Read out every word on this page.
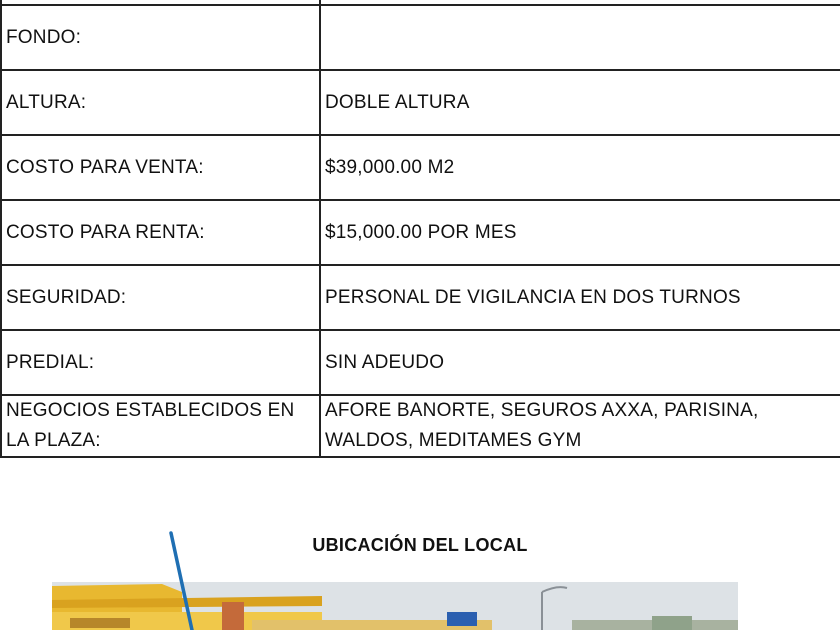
FONDO:	
ALTURA:	DOBLE ALTURA
COSTO PARA VENTA:	$39,000.00 M2
COSTO PARA RENTA:	$15,000.00 POR MES
SEGURIDAD:	PERSONAL DE VIGILANCIA EN DOS TURNOS
PREDIAL:	SIN ADEUDO
NEGOCIOS ESTABLECIDOS EN LA PLAZA:	AFORE BANORTE, SEGUROS AXXA, PARISINA, WALDOS, MEDITAMES GYM
UBICACIÓN DEL LOCAL
